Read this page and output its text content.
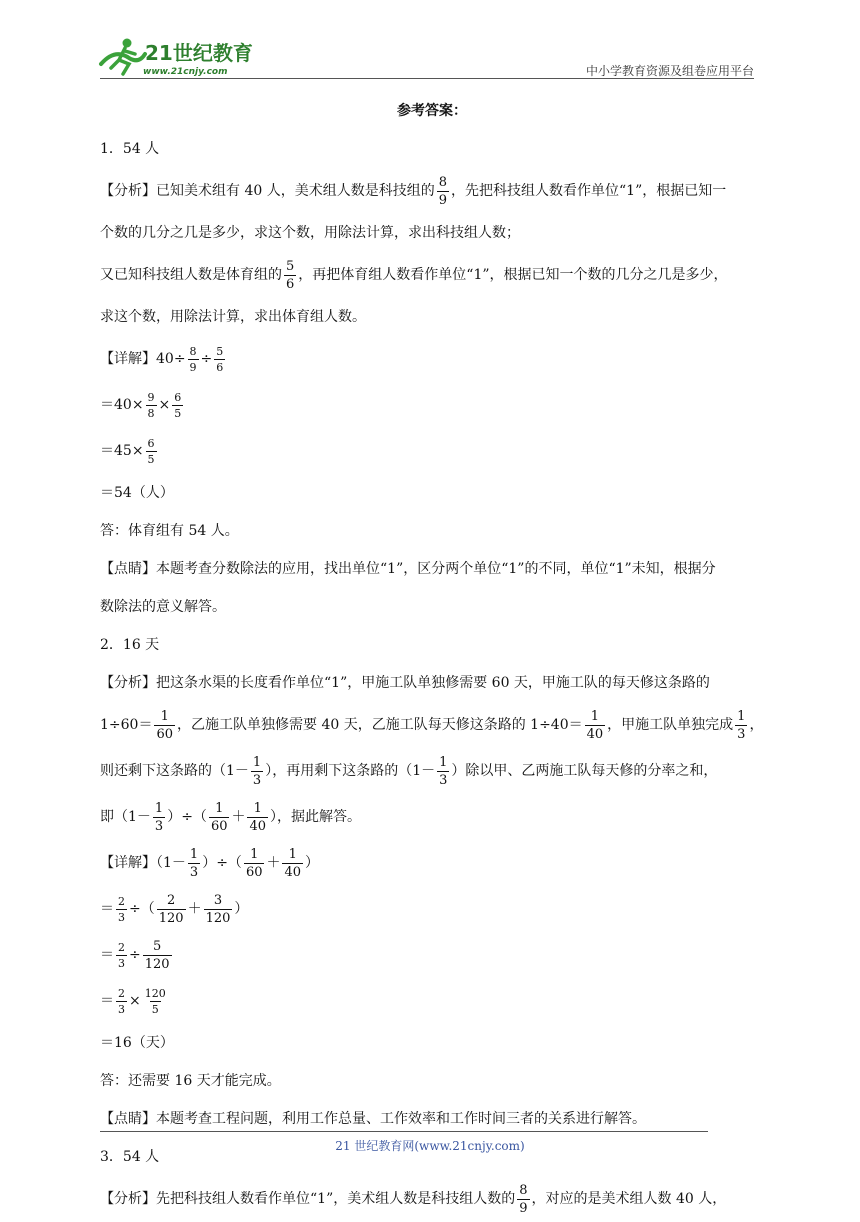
21世纪教育
www.21cnjy.com	中小学教育资源及组卷应用平台

参考答案：

1．54 人

【分析】已知美术组有 40 人，美术组人数是科技组的 $\frac{8}{9}$ ，先把科技组人数看作单位“1”，根据已知一

个数的几分之几是多少，求这个数，用除法计算，求出科技组人数；

又已知科技组人数是体育组的 $\frac{5}{6}$ ，再把体育组人数看作单位“1”，根据已知一个数的几分之几是多少，

求这个数，用除法计算，求出体育组人数。

【详解】$40\div \frac{8}{9} \div \frac{5}{6}$

$=40\times \frac{9}{8} \times \frac{6}{5}$

$=45\times \frac{6}{5}$

＝54（人）

答：体育组有 54 人。

【点睛】本题考查分数除法的应用，找出单位“1”，区分两个单位“1”的不同，单位“1”未知，根据分

数除法的意义解答。

2．16 天

【分析】把这条水渠的长度看作单位“1”，甲施工队单独修需要 60 天，甲施工队的每天修这条路的

$1\div 60= \frac{1}{60}$ ，乙施工队单独修需要 40 天，乙施工队每天修这条路的 $1\div 40= \frac{1}{40}$ ，甲施工队单独完成 $\frac{1}{3}$ ，

则还剩下这条路的（$1- \frac{1}{3}$ ），再用剩下这条路的（$1- \frac{1}{3}$ ）除以甲、乙两施工队每天修的分率之和，

即（$1- \frac{1}{3}$ ）÷（ $\frac{1}{60} + \frac{1}{40}$ ），据此解答。

【详解】（$1- \frac{1}{3}$ ）÷（ $\frac{1}{60} + \frac{1}{40}$ ）

＝ $\frac{2}{3}$ ÷（ $\frac{2}{120} + \frac{3}{120}$ ）

＝ $\frac{2}{3} \div \frac{5}{120}$

＝ $\frac{2}{3} \times \frac{120}{5}$

＝16（天）

答：还需要 16 天才能完成。

【点睛】本题考查工程问题，利用工作总量、工作效率和工作时间三者的关系进行解答。

3．54 人

【分析】先把科技组人数看作单位“1”，美术组人数是科技组人数的 $\frac{8}{9}$ ，对应的是美术组人数 40 人，

21 世纪教育网(www.21cnjy.com)
